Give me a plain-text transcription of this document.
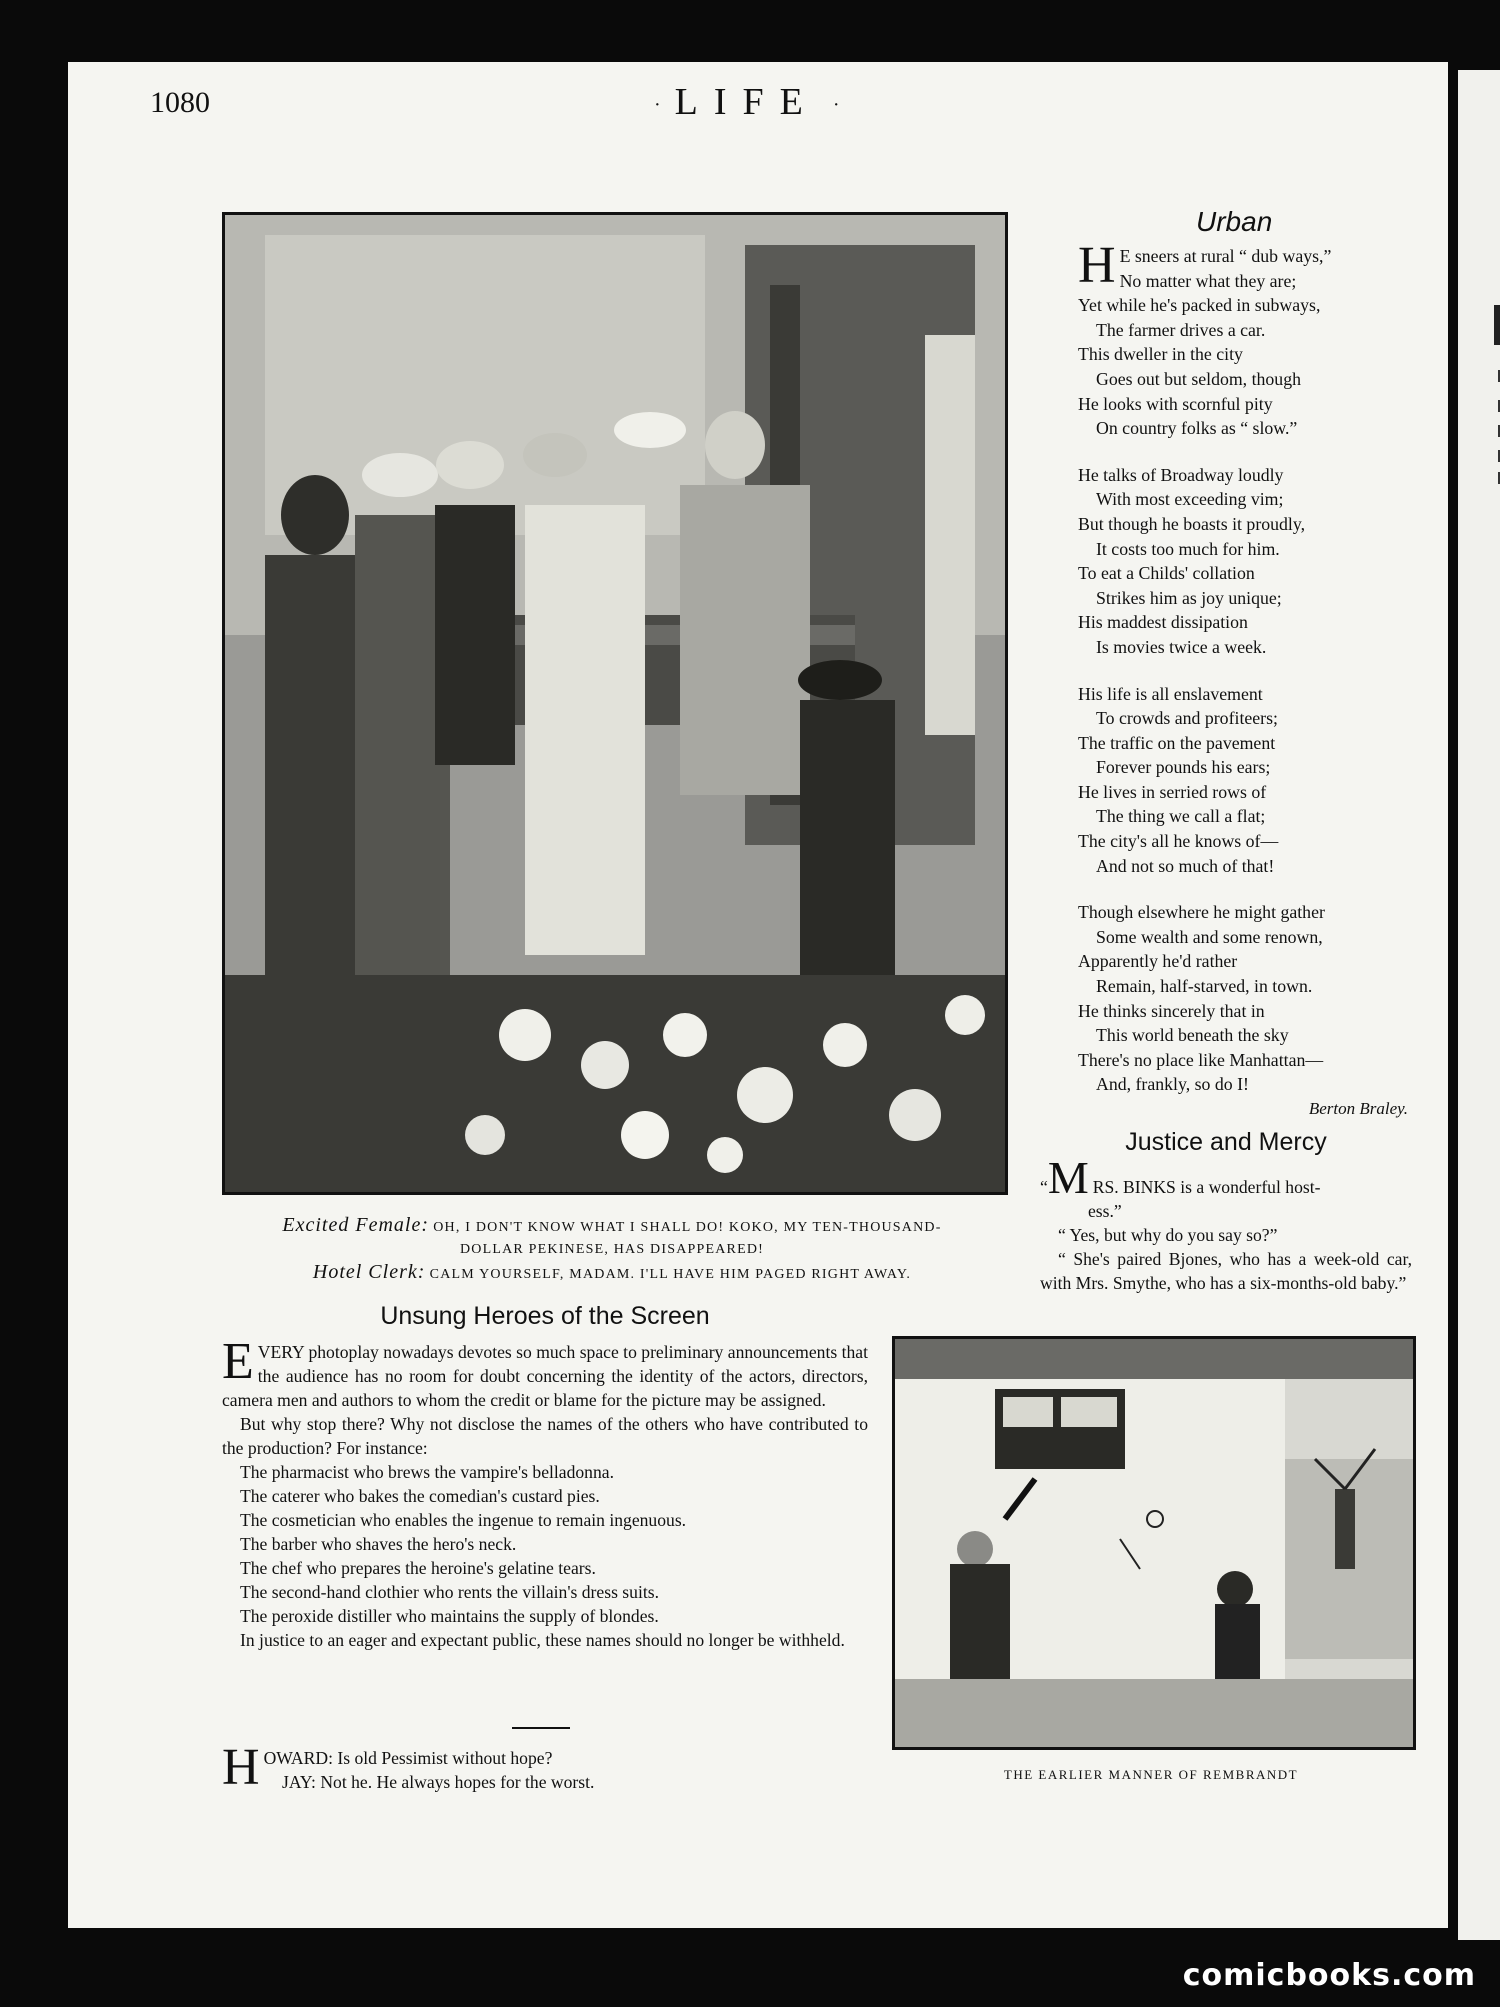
1080	· LIFE ·
Excited Female: OH, I DON'T KNOW WHAT I SHALL DO! KOKO, MY TEN-THOUSAND-
DOLLAR PEKINESE, HAS DISAPPEARED!
Hotel Clerk: CALM YOURSELF, MADAM. I'LL HAVE HIM PAGED RIGHT AWAY.
Urban
H E sneers at rural “ dub ways,”
No matter what they are;
Yet while he's packed in subways,
The farmer drives a car.
This dweller in the city
Goes out but seldom, though
He looks with scornful pity
On country folks as “ slow.”
He talks of Broadway loudly
With most exceeding vim;
But though he boasts it proudly,
It costs too much for him.
To eat a Childs' collation
Strikes him as joy unique;
His maddest dissipation
Is movies twice a week.
His life is all enslavement
To crowds and profiteers;
The traffic on the pavement
Forever pounds his ears;
He lives in serried rows of
The thing we call a flat;
The city's all he knows of—
And not so much of that!
Though elsewhere he might gather
Some wealth and some renown,
Apparently he'd rather
Remain, half-starved, in town.
He thinks sincerely that in
This world beneath the sky
There's no place like Manhattan—
And, frankly, so do I!
Berton Braley.
Justice and Mercy

“M RS. BINKS is a wonderful host-

ess.”

“ Yes, but why do you say so?”

“ She's paired Bjones, who has a week-old car, with Mrs. Smythe, who has a six-months-old baby.”

Unsung Heroes of the Screen

EVERY photoplay nowadays devotes so much space to preliminary announcements that the audience has no room for doubt concerning the identity of the actors, directors, camera men and authors to whom the credit or blame for the picture may be assigned.

But why stop there? Why not disclose the names of the others who have contributed to the production? For instance:

The pharmacist who brews the vampire's belladonna.

The caterer who bakes the comedian's custard pies.

The cosmetician who enables the ingenue to remain ingenuous.

The barber who shaves the hero's neck.

The chef who prepares the heroine's gelatine tears.

The second-hand clothier who rents the villain's dress suits.

The peroxide distiller who maintains the supply of blondes.

In justice to an eager and expectant public, these names should no longer be withheld.

HOWARD: Is old Pessimist without hope?

JAY: Not he. He always hopes for the worst.	THE EARLIER MANNER OF REMBRANDT
comicbooks.com
